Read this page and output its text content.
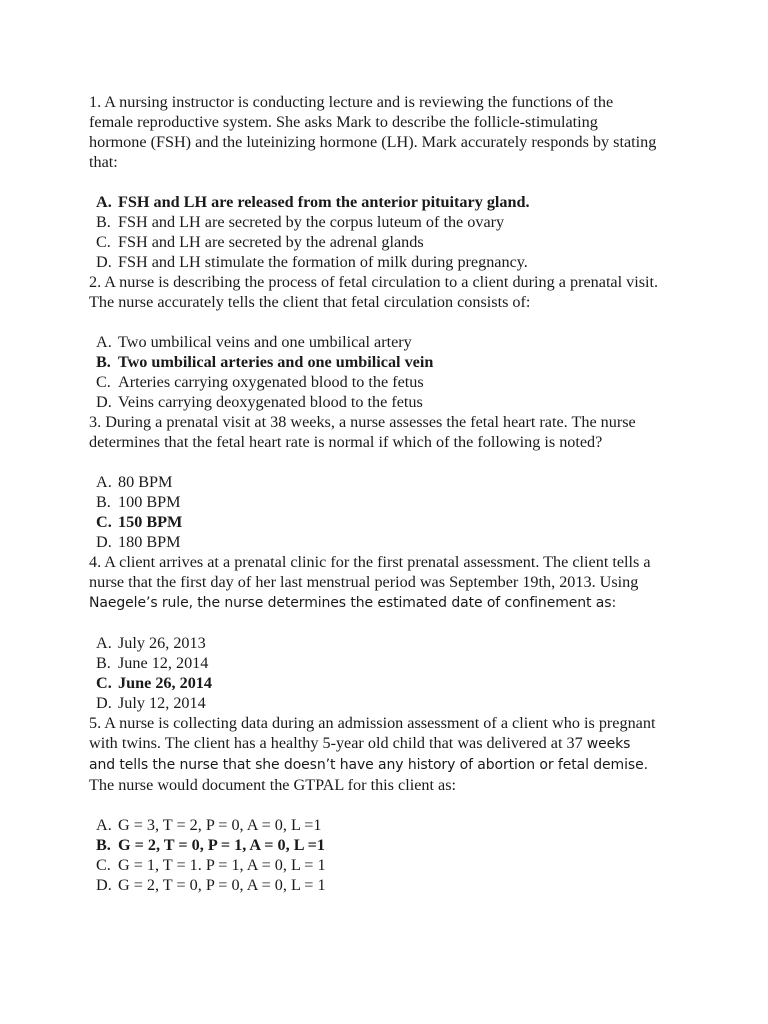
1. A nursing instructor is conducting lecture and is reviewing the functions of the female reproductive system. She asks Mark to describe the follicle-stimulating hormone (FSH) and the luteinizing hormone (LH). Mark accurately responds by stating that:

A. FSH and LH are released from the anterior pituitary gland.
B. FSH and LH are secreted by the corpus luteum of the ovary
C. FSH and LH are secreted by the adrenal glands
D. FSH and LH stimulate the formation of milk during pregnancy.

2. A nurse is describing the process of fetal circulation to a client during a prenatal visit. The nurse accurately tells the client that fetal circulation consists of:

A. Two umbilical veins and one umbilical artery
B. Two umbilical arteries and one umbilical vein
C. Arteries carrying oxygenated blood to the fetus
D. Veins carrying deoxygenated blood to the fetus

3. During a prenatal visit at 38 weeks, a nurse assesses the fetal heart rate. The nurse determines that the fetal heart rate is normal if which of the following is noted?

A. 80 BPM
B. 100 BPM
C. 150 BPM
D. 180 BPM

4. A client arrives at a prenatal clinic for the first prenatal assessment. The client tells a nurse that the first day of her last menstrual period was September 19th, 2013. Using Naegele’s rule, the nurse determines the estimated date of confinement as:

A. July 26, 2013
B. June 12, 2014
C. June 26, 2014
D. July 12, 2014

5. A nurse is collecting data during an admission assessment of a client who is pregnant with twins. The client has a healthy 5-year old child that was delivered at 37 weeks and tells the nurse that she doesn’t have any history of abortion or fetal demise. The nurse would document the GTPAL for this client as:

A. G = 3, T = 2, P = 0, A = 0, L =1
B. G = 2, T = 0, P = 1, A = 0, L =1
C. G = 1, T = 1. P = 1, A = 0, L = 1
D. G = 2, T = 0, P = 0, A = 0, L = 1
